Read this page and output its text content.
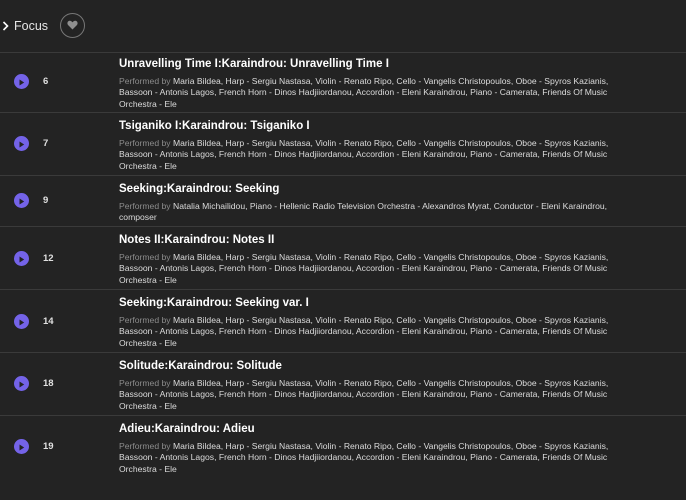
Focus
6
Unravelling Time I:Karaindrou: Unravelling Time I
Performed by Maria Bildea, Harp - Sergiu Nastasa, Violin - Renato Ripo, Cello - Vangelis Christopoulos, Oboe - Spyros Kazianis, Bassoon - Antonis Lagos, French Horn - Dinos Hadjiiordanou, Accordion - Eleni Karaindrou, Piano - Camerata, Friends Of Music Orchestra - Ele
7
Tsiganiko I:Karaindrou: Tsiganiko I
Performed by Maria Bildea, Harp - Sergiu Nastasa, Violin - Renato Ripo, Cello - Vangelis Christopoulos, Oboe - Spyros Kazianis, Bassoon - Antonis Lagos, French Horn - Dinos Hadjiiordanou, Accordion - Eleni Karaindrou, Piano - Camerata, Friends Of Music Orchestra - Ele
9
Seeking:Karaindrou: Seeking
Performed by Natalia Michailidou, Piano - Hellenic Radio Television Orchestra - Alexandros Myrat, Conductor - Eleni Karaindrou, composer
12
Notes II:Karaindrou: Notes II
Performed by Maria Bildea, Harp - Sergiu Nastasa, Violin - Renato Ripo, Cello - Vangelis Christopoulos, Oboe - Spyros Kazianis, Bassoon - Antonis Lagos, French Horn - Dinos Hadjiiordanou, Accordion - Eleni Karaindrou, Piano - Camerata, Friends Of Music Orchestra - Ele
14
Seeking:Karaindrou: Seeking var. I
Performed by Maria Bildea, Harp - Sergiu Nastasa, Violin - Renato Ripo, Cello - Vangelis Christopoulos, Oboe - Spyros Kazianis, Bassoon - Antonis Lagos, French Horn - Dinos Hadjiiordanou, Accordion - Eleni Karaindrou, Piano - Camerata, Friends Of Music Orchestra - Ele
18
Solitude:Karaindrou: Solitude
Performed by Maria Bildea, Harp - Sergiu Nastasa, Violin - Renato Ripo, Cello - Vangelis Christopoulos, Oboe - Spyros Kazianis, Bassoon - Antonis Lagos, French Horn - Dinos Hadjiiordanou, Accordion - Eleni Karaindrou, Piano - Camerata, Friends Of Music Orchestra - Ele
19
Adieu:Karaindrou: Adieu
Performed by Maria Bildea, Harp - Sergiu Nastasa, Violin - Renato Ripo, Cello - Vangelis Christopoulos, Oboe - Spyros Kazianis, Bassoon - Antonis Lagos, French Horn - Dinos Hadjiiordanou, Accordion - Eleni Karaindrou, Piano - Camerata, Friends Of Music Orchestra - Ele
